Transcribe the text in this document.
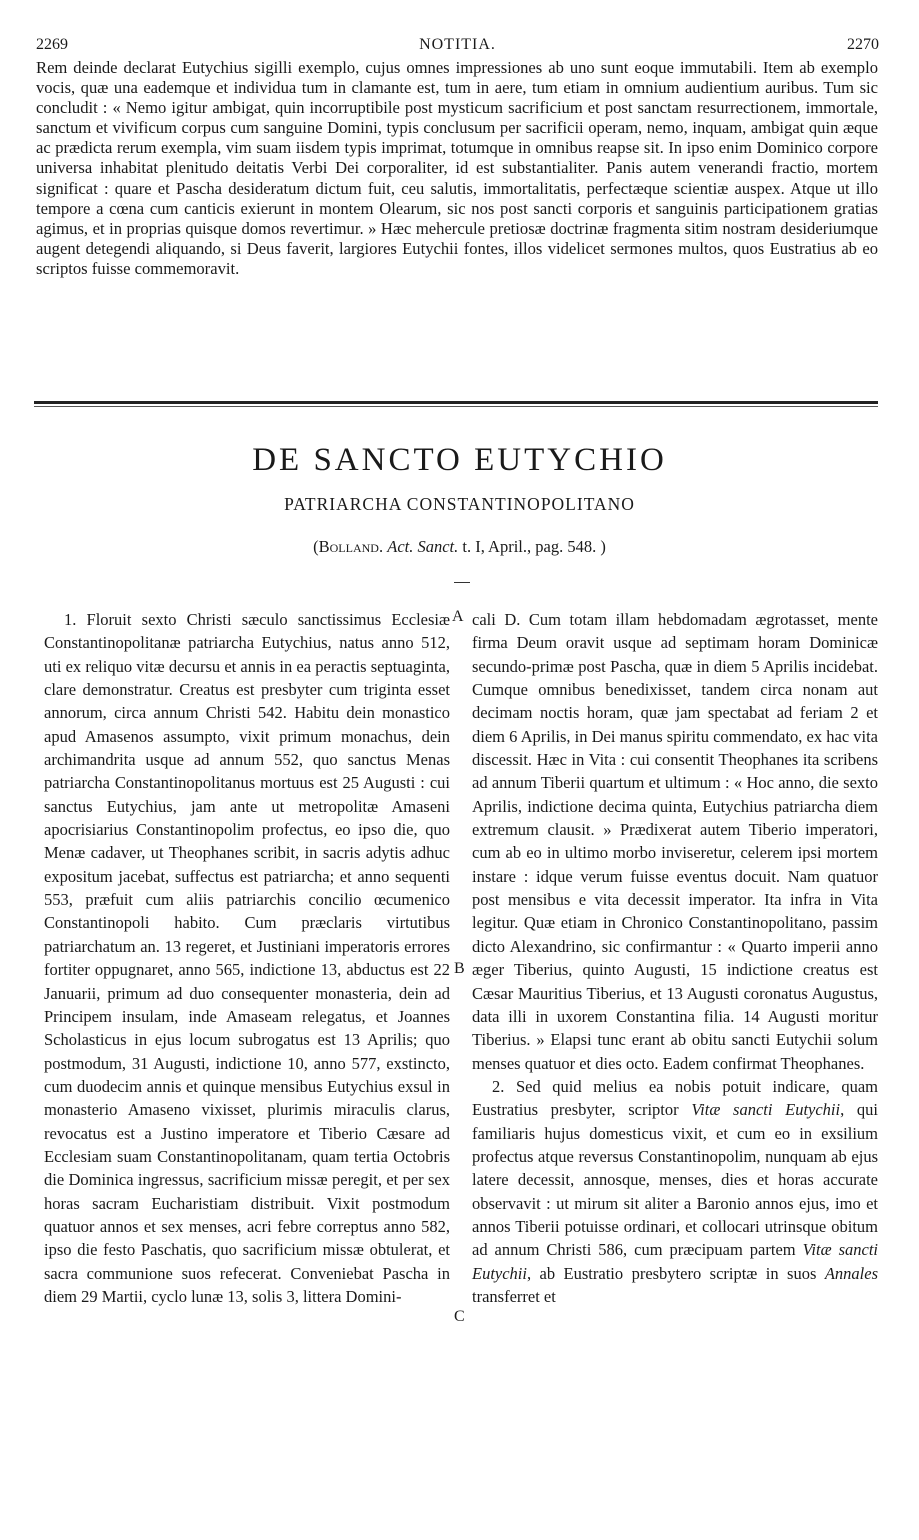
2269	NOTITIA.	2270
Rem deinde declarat Eutychius sigilli exemplo, cujus omnes impressiones ab uno sunt eoque immutabili. Item ab exemplo vocis, quæ una eademque et individua tum in clamante est, tum in aere, tum etiam in omnium audientium auribus. Tum sic concludit : « Nemo igitur ambigat, quin incorruptibile post mysticum sacrificium et post sanctam resurrectionem, immortale, sanctum et vivificum corpus cum sanguine Domini, typis conclusum per sacrificii operam, nemo, inquam, ambigat quin æque ac prædicta rerum exempla, vim suam iisdem typis imprimat, totumque in omnibus reapse sit. In ipso enim Dominico corpore universa inhabitat plenitudo deitatis Verbi Dei corporaliter, id est substantialiter. Panis autem venerandi fractio, mortem significat : quare et Pascha desideratum dictum fuit, ceu salutis, immortalitatis, perfectæque scientiæ auspex. Atque ut illo tempore a cœna cum canticis exierunt in montem Olearum, sic nos post sancti corporis et sanguinis participationem gratias agimus, et in proprias quisque domos revertimur. » Hæc mehercule pretiosæ doctrinæ fragmenta sitim nostram desideriumque augent detegendi aliquando, si Deus faverit, largiores Eutychii fontes, illos videlicet sermones multos, quos Eustratius ab eo scriptos fuisse commemoravit.
DE SANCTO EUTYCHIO
PATRIARCHA CONSTANTINOPOLITANO
(Bolland. Act. Sanct. t. I, April., pag. 548. )

1. Floruit sexto Christi sæculo sanctissimus Ecclesiæ Constantinopolitanæ patriarcha Eutychius, natus anno 512, uti ex reliquo vitæ decursu et annis in ea peractis septuaginta, clare demonstratur. Creatus est presbyter cum triginta esset annorum, circa annum Christi 542. Habitu dein monastico apud Amasenos assumpto, vixit primum monachus, dein archimandrita usque ad annum 552, quo sanctus Menas patriarcha Constantinopolitanus mortuus est 25 Augusti : cui sanctus Eutychius, jam ante ut metropolitæ Amaseni apocrisiarius Constantinopolim profectus, eo ipso die, quo Menæ cadaver, ut Theophanes scribit, in sacris adytis adhuc expositum jacebat, suffectus est patriarcha; et anno sequenti 553, præfuit cum aliis patriarchis concilio œcumenico Constantinopoli habito. Cum præclaris virtutibus patriarchatum an. 13 regeret, et Justiniani imperatoris errores fortiter oppugnaret, anno 565, indictione 13, abductus est 22 Januarii, primum ad duo consequenter monasteria, dein ad Principem insulam, inde Amaseam relegatus, et Joannes Scholasticus in ejus locum subrogatus est 13 Aprilis; quo postmodum, 31 Augusti, indictione 10, anno 577, exstincto, cum duodecim annis et quinque mensibus Eutychius exsul in monasterio Amaseno vixisset, plurimis miraculis clarus, revocatus est a Justino imperatore et Tiberio Cæsare ad Ecclesiam suam Constantinopolitanam, quam tertia Octobris die Dominica ingressus, sacrificium missæ peregit, et per sex horas sacram Eucharistiam distribuit. Vixit postmodum quatuor annos et sex menses, acri febre correptus anno 582, ipso die festo Paschatis, quo sacrificium missæ obtulerat, et sacra communione suos refecerat. Conveniebat Pascha in diem 29 Martii, cyclo lunæ 13, solis 3, littera Domini-

cali D. Cum totam illam hebdomadam ægrotasset, mente firma Deum oravit usque ad septimam horam Dominicæ secundo-primæ post Pascha, quæ in diem 5 Aprilis incidebat. Cumque omnibus benedixisset, tandem circa nonam aut decimam noctis horam, quæ jam spectabat ad feriam 2 et diem 6 Aprilis, in Dei manus spiritu commendato, ex hac vita discessit. Hæc in Vita : cui consentit Theophanes ita scribens ad annum Tiberii quartum et ultimum : « Hoc anno, die sexto Aprilis, indictione decima quinta, Eutychius patriarcha diem extremum clausit. » Prædixerat autem Tiberio imperatori, cum ab eo in ultimo morbo inviseretur, celerem ipsi mortem instare : idque verum fuisse eventus docuit. Nam quatuor post mensibus e vita decessit imperator. Ita infra in Vita legitur. Quæ etiam in Chronico Constantinopolitano, passim dicto Alexandrino, sic confirmantur : « Quarto imperii anno æger Tiberius, quinto Augusti, 15 indictione creatus est Cæsar Mauritius Tiberius, et 13 Augusti coronatus Augustus, data illi in uxorem Constantina filia. 14 Augusti moritur Tiberius. » Elapsi tunc erant ab obitu sancti Eutychii solum menses quatuor et dies octo. Eadem confirmat Theophanes.

2. Sed quid melius ea nobis potuit indicare, quam Eustratius presbyter, scriptor Vitæ sancti Eutychii, qui familiaris hujus domesticus vixit, et cum eo in exsilium profectus atque reversus Constantinopolim, nunquam ab ejus latere decessit, annosque, menses, dies et horas accurate observavit : ut mirum sit aliter a Baronio annos ejus, imo et annos Tiberii potuisse ordinari, et collocari utrinsque obitum ad annum Christi 586, cum præcipuam partem Vitæ sancti Eutychii, ab Eustratio presbytero scriptæ in suos Annales transferret et

A
B
C
